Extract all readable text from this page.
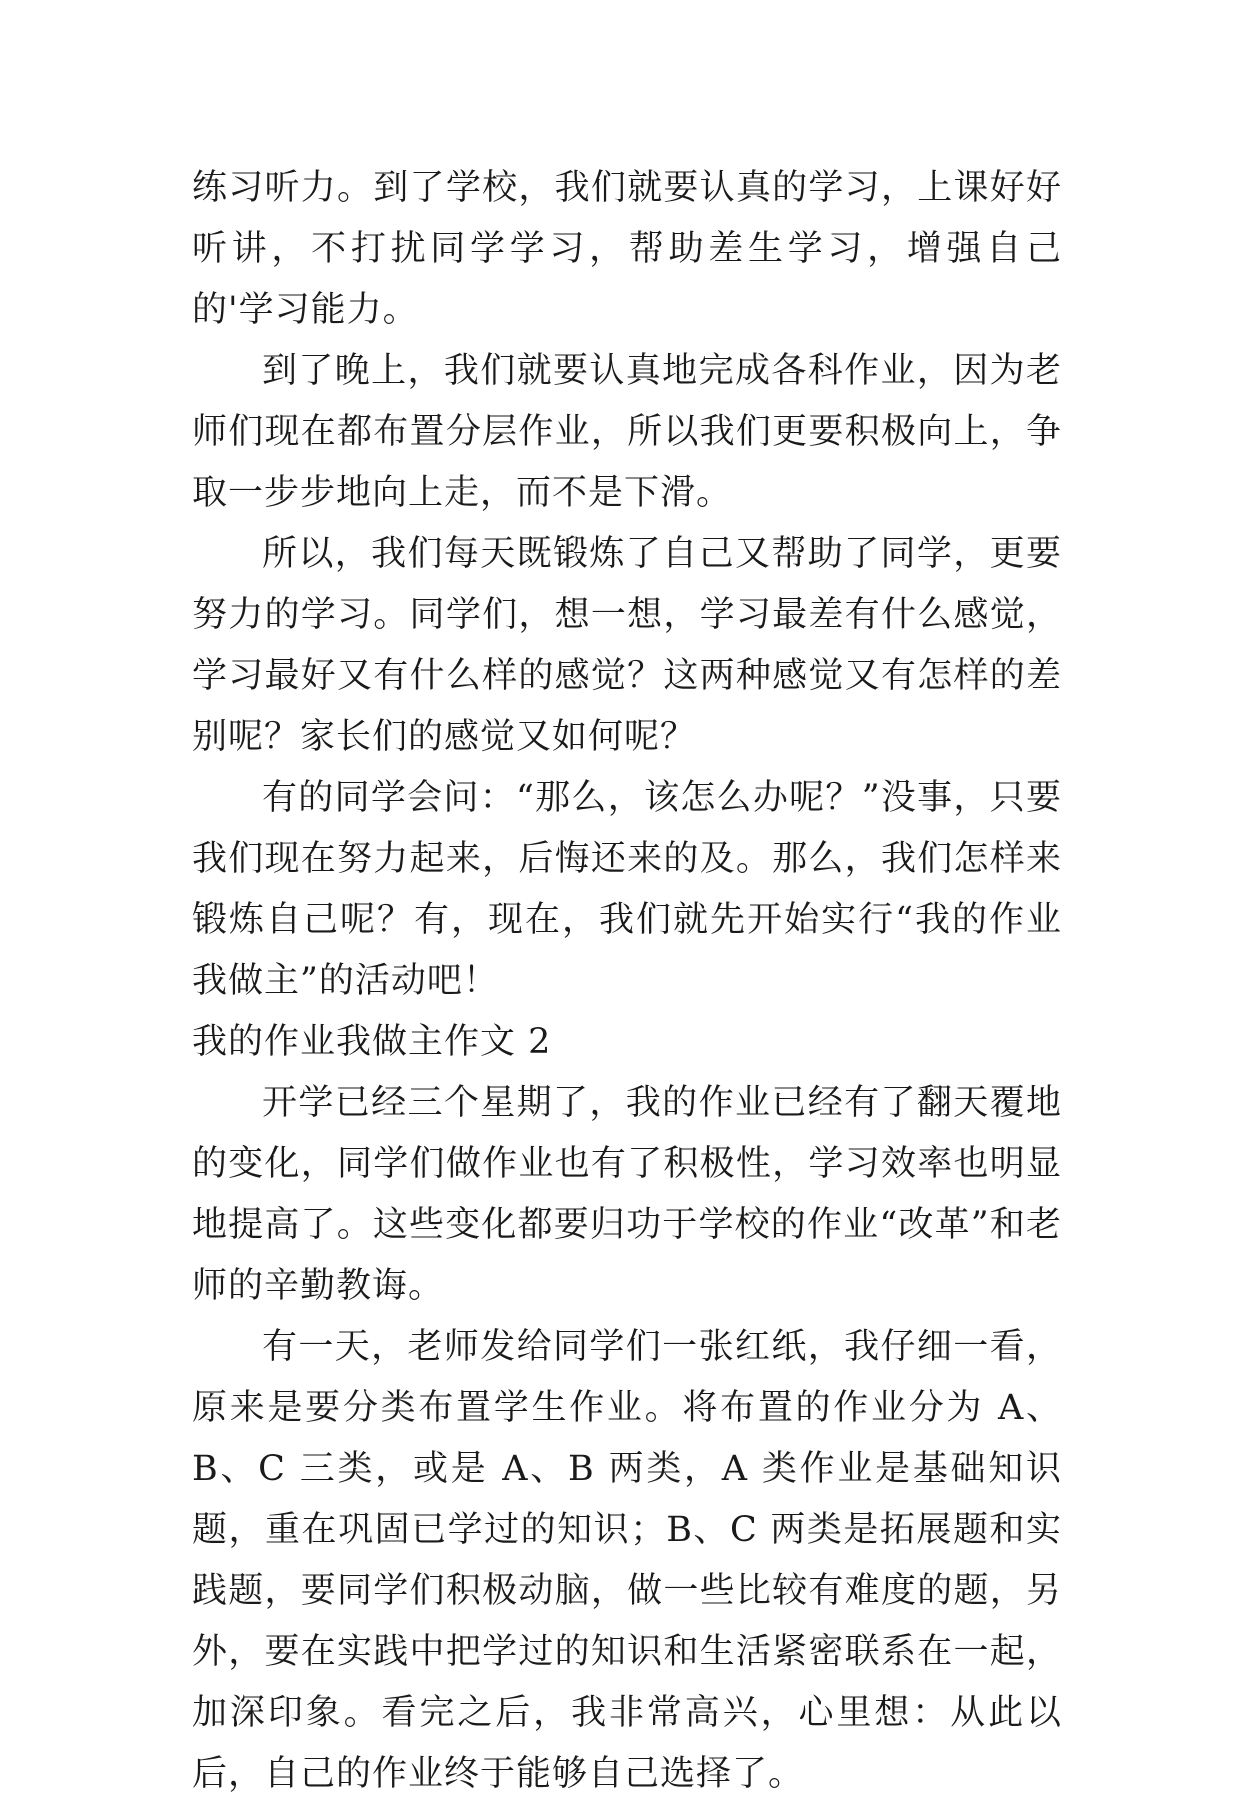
练习听力。到了学校，我们就要认真的学习，上课好好听讲，不打扰同学学习，帮助差生学习，增强自己的'学习能力。

到了晚上，我们就要认真地完成各科作业，因为老师们现在都布置分层作业，所以我们更要积极向上，争取一步步地向上走，而不是下滑。

所以，我们每天既锻炼了自己又帮助了同学，更要努力的学习。同学们，想一想，学习最差有什么感觉，学习最好又有什么样的感觉？这两种感觉又有怎样的差别呢？家长们的感觉又如何呢？

有的同学会问：“那么，该怎么办呢？”没事，只要我们现在努力起来，后悔还来的及。那么，我们怎样来锻炼自己呢？有，现在，我们就先开始实行“我的作业我做主”的活动吧！

我的作业我做主作文 2

开学已经三个星期了，我的作业已经有了翻天覆地的变化，同学们做作业也有了积极性，学习效率也明显地提高了。这些变化都要归功于学校的作业“改革”和老师的辛勤教诲。

有一天，老师发给同学们一张红纸，我仔细一看，原来是要分类布置学生作业。将布置的作业分为 A、B、C 三类，或是 A、B 两类，A 类作业是基础知识题，重在巩固已学过的知识；B、C 两类是拓展题和实践题，要同学们积极动脑，做一些比较有难度的题，另外，要在实践中把学过的知识和生活紧密联系在一起，加深印象。看完之后，我非常高兴，心里想：从此以后，自己的作业终于能够自己选择了。
